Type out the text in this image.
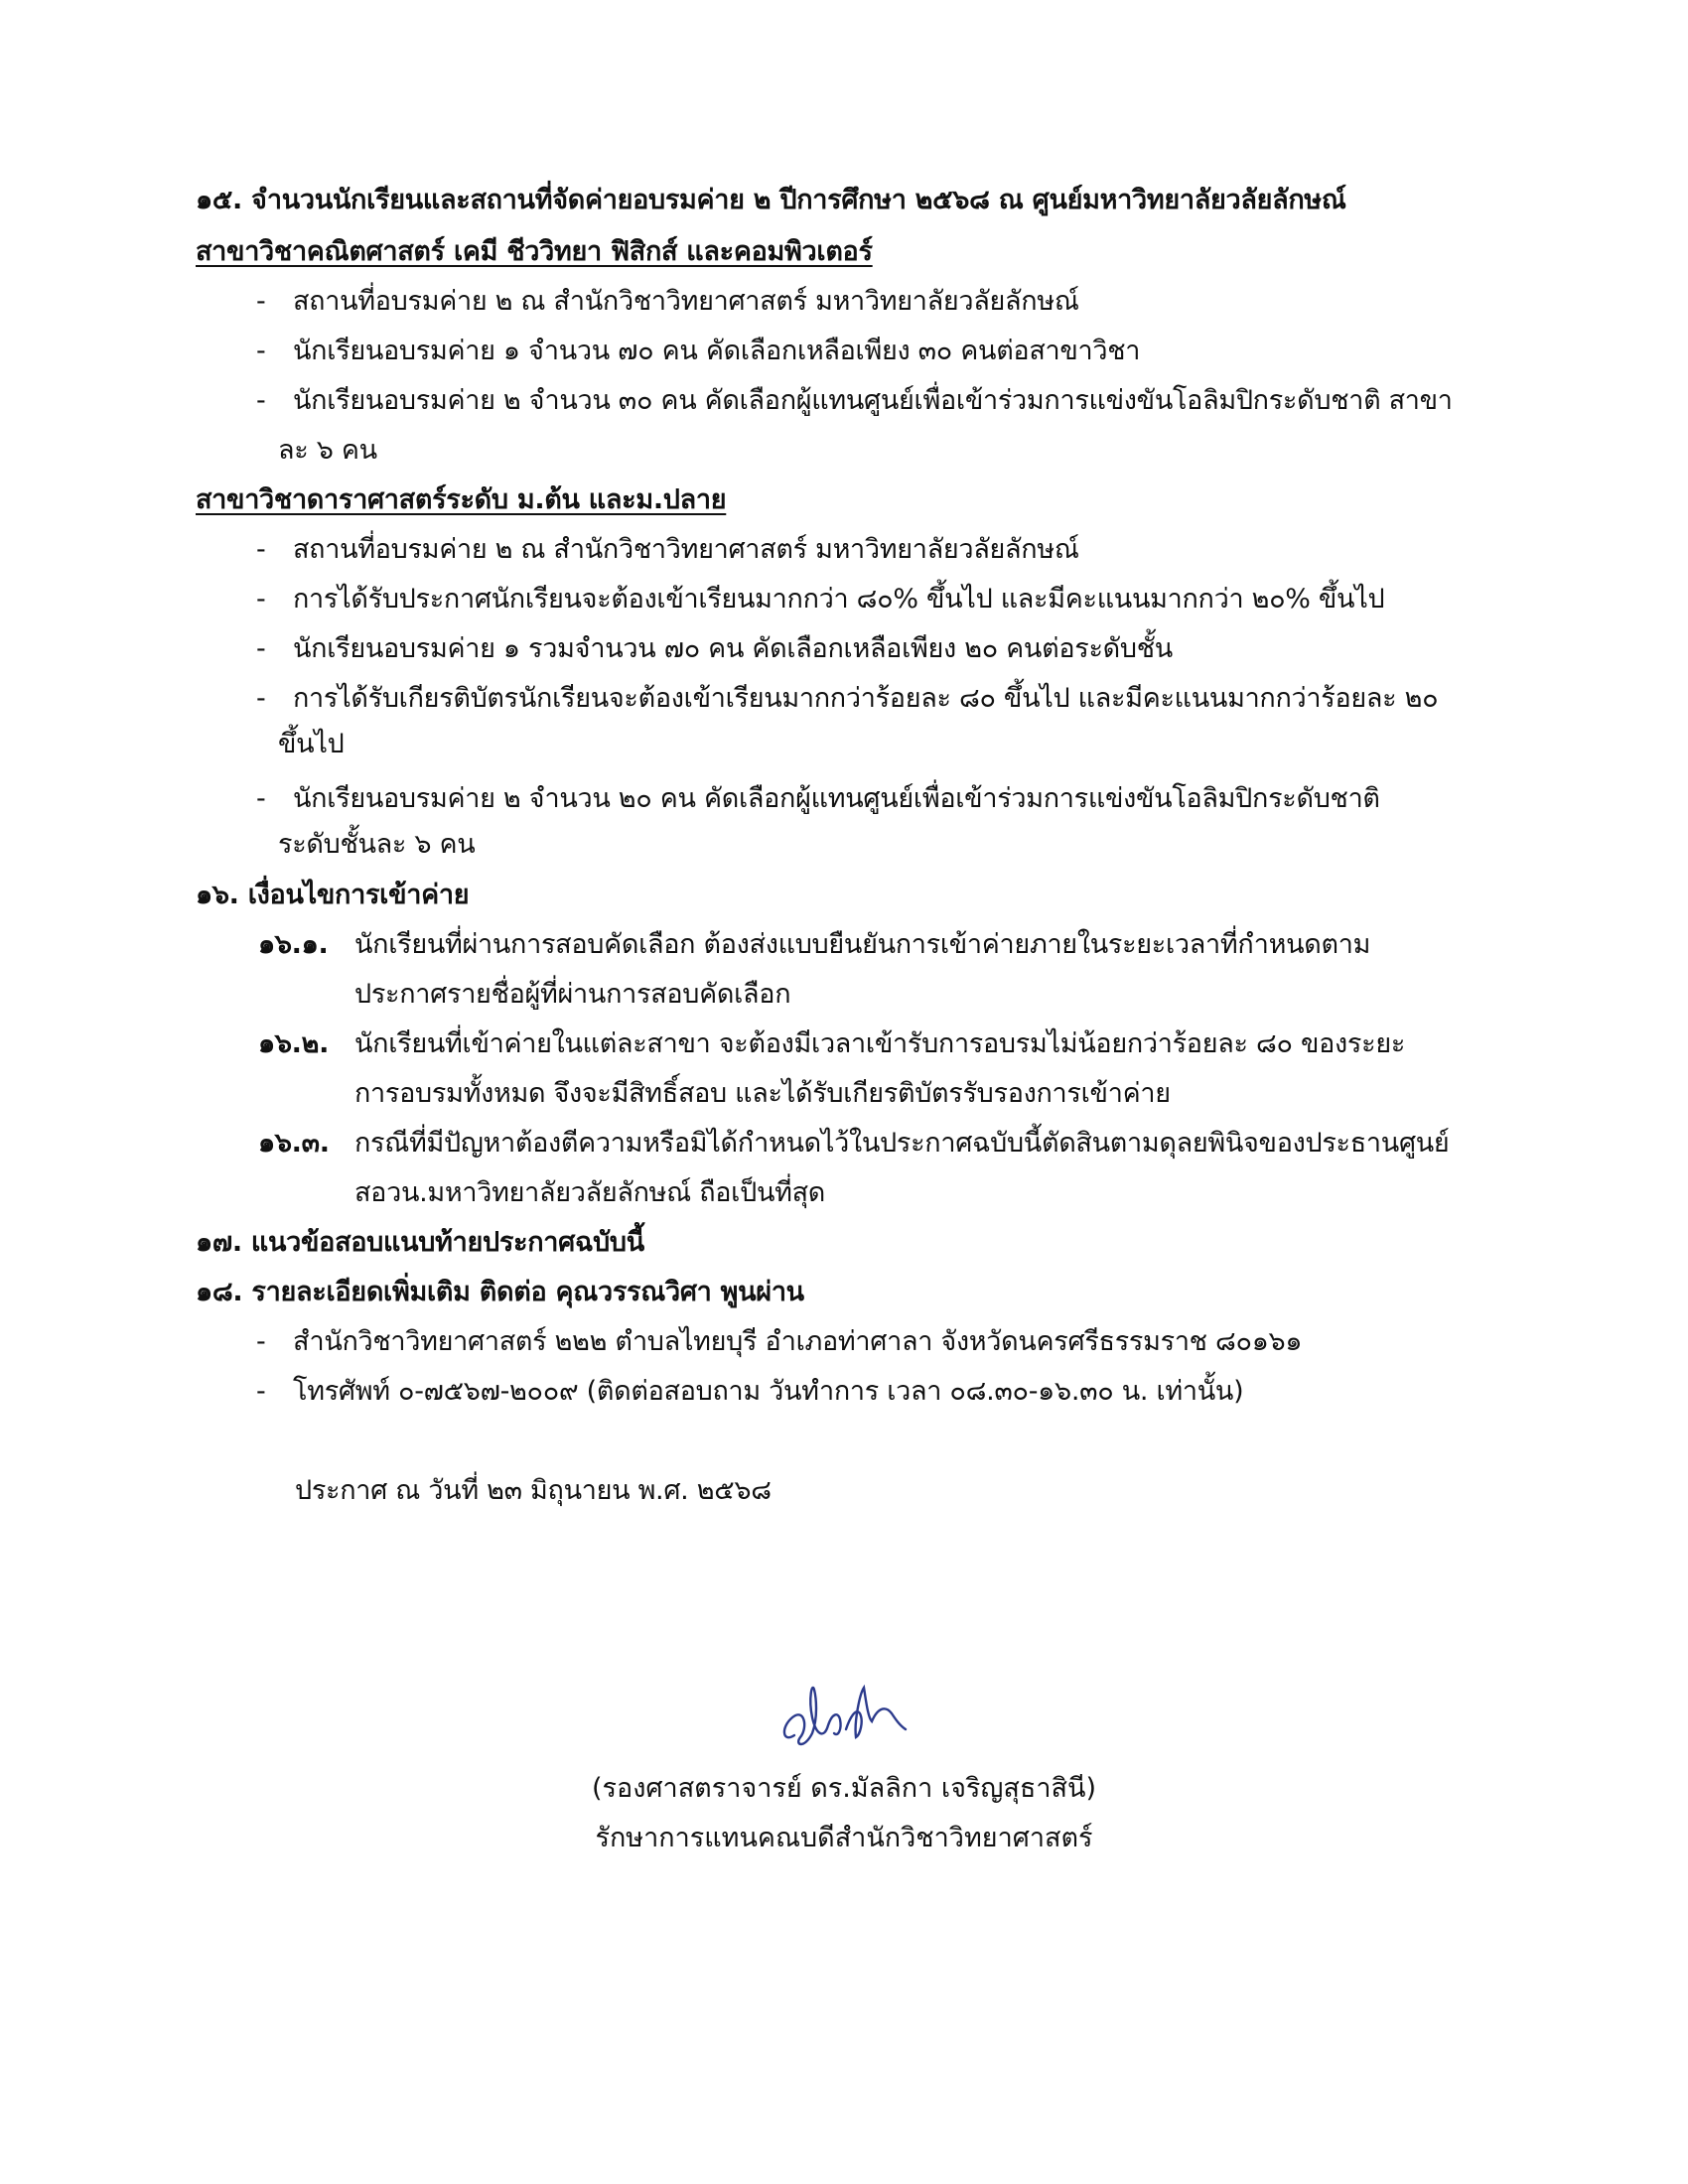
๑๕. จำนวนนักเรียนและสถานที่จัดค่ายอบรมค่าย ๒ ปีการศึกษา ๒๕๖๘ ณ ศูนย์มหาวิทยาลัยวลัยลักษณ์
สาขาวิชาคณิตศาสตร์ เคมี ชีววิทยา ฟิสิกส์ และคอมพิวเตอร์
- สถานที่อบรมค่าย ๒ ณ สำนักวิชาวิทยาศาสตร์ มหาวิทยาลัยวลัยลักษณ์
- นักเรียนอบรมค่าย ๑ จำนวน ๗๐ คน คัดเลือกเหลือเพียง ๓๐ คนต่อสาขาวิชา
- นักเรียนอบรมค่าย ๒ จำนวน ๓๐ คน คัดเลือกผู้แทนศูนย์เพื่อเข้าร่วมการแข่งขันโอลิมปิกระดับชาติ สาขา
ละ ๖ คน
สาขาวิชาดาราศาสตร์ระดับ ม.ต้น และม.ปลาย
- สถานที่อบรมค่าย ๒ ณ สำนักวิชาวิทยาศาสตร์ มหาวิทยาลัยวลัยลักษณ์
- การได้รับประกาศนักเรียนจะต้องเข้าเรียนมากกว่า ๘๐% ขึ้นไป และมีคะแนนมากกว่า ๒๐% ขึ้นไป
- นักเรียนอบรมค่าย ๑ รวมจำนวน ๗๐ คน คัดเลือกเหลือเพียง ๒๐ คนต่อระดับชั้น
- การได้รับเกียรติบัตรนักเรียนจะต้องเข้าเรียนมากกว่าร้อยละ ๘๐ ขึ้นไป และมีคะแนนมากกว่าร้อยละ ๒๐
ขึ้นไป
- นักเรียนอบรมค่าย ๒ จำนวน ๒๐ คน คัดเลือกผู้แทนศูนย์เพื่อเข้าร่วมการแข่งขันโอลิมปิกระดับชาติ
ระดับชั้นละ ๖ คน
๑๖. เงื่อนไขการเข้าค่าย
๑๖.๑. นักเรียนที่ผ่านการสอบคัดเลือก ต้องส่งแบบยืนยันการเข้าค่ายภายในระยะเวลาที่กำหนดตาม
ประกาศรายชื่อผู้ที่ผ่านการสอบคัดเลือก
๑๖.๒. นักเรียนที่เข้าค่ายในแต่ละสาขา จะต้องมีเวลาเข้ารับการอบรมไม่น้อยกว่าร้อยละ ๘๐ ของระยะ
การอบรมทั้งหมด จึงจะมีสิทธิ์สอบ และได้รับเกียรติบัตรรับรองการเข้าค่าย
๑๖.๓. กรณีที่มีปัญหาต้องตีความหรือมิได้กำหนดไว้ในประกาศฉบับนี้ตัดสินตามดุลยพินิจของประธานศูนย์
สอวน.มหาวิทยาลัยวลัยลักษณ์ ถือเป็นที่สุด
๑๗. แนวข้อสอบแนบท้ายประกาศฉบับนี้
๑๘. รายละเอียดเพิ่มเติม ติดต่อ คุณวรรณวิศา พูนผ่าน
- สำนักวิชาวิทยาศาสตร์ ๒๒๒ ตำบลไทยบุรี อำเภอท่าศาลา จังหวัดนครศรีธรรมราช ๘๐๑๖๑
- โทรศัพท์ ๐-๗๕๖๗-๒๐๐๙ (ติดต่อสอบถาม วันทำการ เวลา ๐๘.๓๐-๑๖.๓๐ น. เท่านั้น)
ประกาศ ณ วันที่ ๒๓ มิถุนายน พ.ศ. ๒๕๖๘
(รองศาสตราจารย์ ดร.มัลลิกา เจริญสุธาสินี)
รักษาการแทนคณบดีสำนักวิชาวิทยาศาสตร์
